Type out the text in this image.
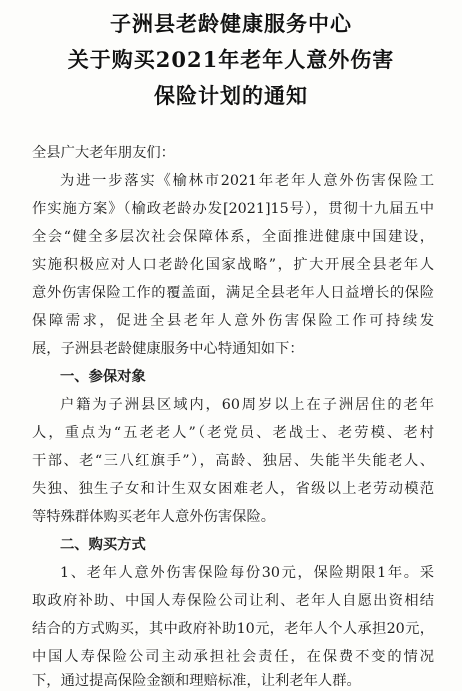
子洲县老龄健康服务中心
关于购买2021年老年人意外伤害
保险计划的通知
全县广大老年朋友们：
为进一步落实《榆林市2021年老年人意外伤害保险工
作实施方案》（榆政老龄办发[2021]15号），贯彻十九届五中
全会“健全多层次社会保障体系，全面推进健康中国建设，
实施积极应对人口老龄化国家战略”，扩大开展全县老年人
意外伤害保险工作的覆盖面，满足全县老年人日益增长的保险
保障需求，促进全县老年人意外伤害保险工作可持续发
展，子洲县老龄健康服务中心特通知如下：
一、参保对象
户籍为子洲县区域内，60周岁以上在子洲居住的老年
人，重点为“五老老人”（老党员、老战士、老劳模、老村
干部、老“三八红旗手”），高龄、独居、失能半失能老人、
失独、独生子女和计生双女困难老人，省级以上老劳动模范
等特殊群体购买老年人意外伤害保险。
二、购买方式
1、老年人意外伤害保险每份30元，保险期限1年。采
取政府补助、中国人寿保险公司让利、老年人自愿出资相结
结合的方式购买，其中政府补助10元，老年人个人承担20元，
中国人寿保险公司主动承担社会责任，在保费不变的情况
下，通过提高保险金额和理赔标准，让利老年人群。
